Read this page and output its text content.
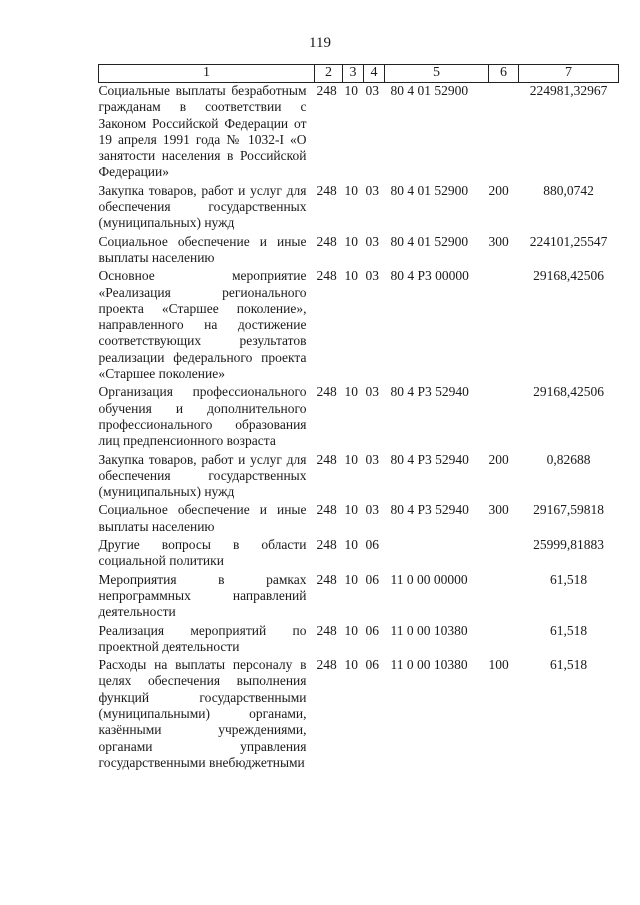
119
1	2	3	4	5	6	7
Социальные выплаты безработным гражданам в соответствии с Законом Российской Федерации от 19 апреля 1991 года № 1032-I «О занятости населения в Российской Федерации»	248	10	03	80 4 01 52900		224981,32967
Закупка товаров, работ и услуг для обеспечения государственных (муниципальных) нужд	248	10	03	80 4 01 52900	200	880,0742
Социальное обеспечение и иные выплаты населению	248	10	03	80 4 01 52900	300	224101,25547
Основное мероприятие «Реализация регионального проекта «Старшее поколение», направленного на достижение соответствующих результатов реализации федерального проекта «Старшее поколение»	248	10	03	80 4 P3 00000		29168,42506
Организация профессионального обучения и дополнительного профессионального образования лиц предпенсионного возраста	248	10	03	80 4 P3 52940		29168,42506
Закупка товаров, работ и услуг для обеспечения государственных (муниципальных) нужд	248	10	03	80 4 P3 52940	200	0,82688
Социальное обеспечение и иные выплаты населению	248	10	03	80 4 P3 52940	300	29167,59818
Другие вопросы в области социальной политики	248	10	06			25999,81883
Мероприятия в рамках непрограммных направлений деятельности	248	10	06	11 0 00 00000		61,518
Реализация мероприятий по проектной деятельности	248	10	06	11 0 00 10380		61,518
Расходы на выплаты персоналу в целях обеспечения выполнения функций государственными (муниципальными) органами, казёнными учреждениями, органами управления государственными внебюджетными	248	10	06	11 0 00 10380	100	61,518
